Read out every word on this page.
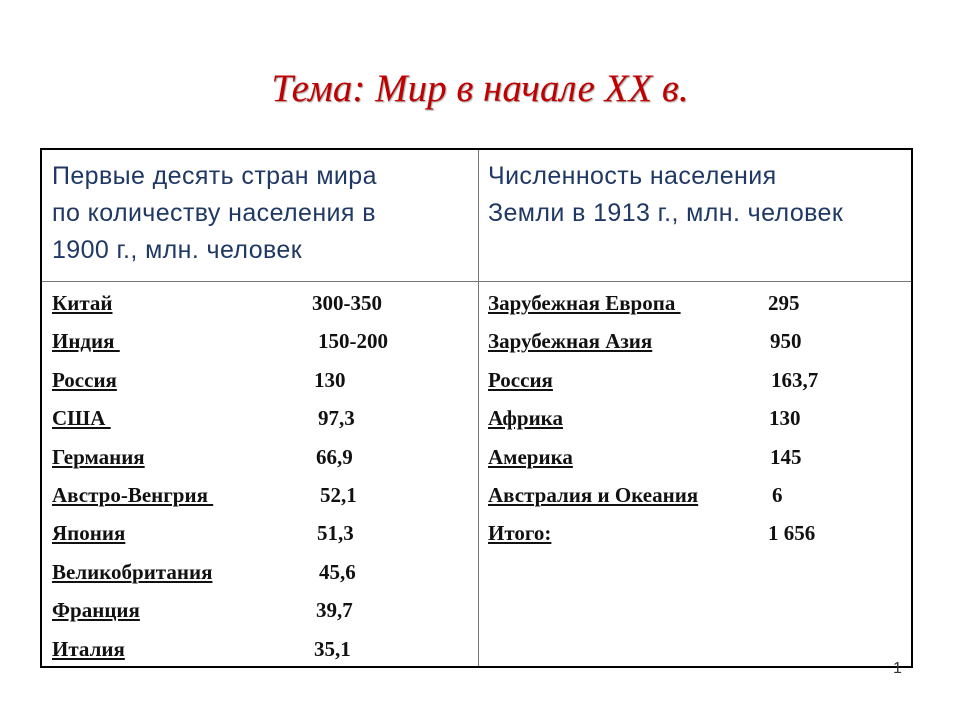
Тема: Мир в начале XX в.
Первые десять стран мира
по количеству населения в
1900 г., млн. человек
Численность населения
Земли в 1913 г., млн. человек
Китай	300-350
Индия	150-200
Россия	130
США	97,3
Германия	66,9
Австро-Венгрия	52,1
Япония	51,3
Великобритания	45,6
Франция	39,7
Италия	35,1
Зарубежная Европа	295
Зарубежная Азия	950
Россия	163,7
Африка	130
Америка	145
Австралия и Океания	6
Итого:	1 656
1
